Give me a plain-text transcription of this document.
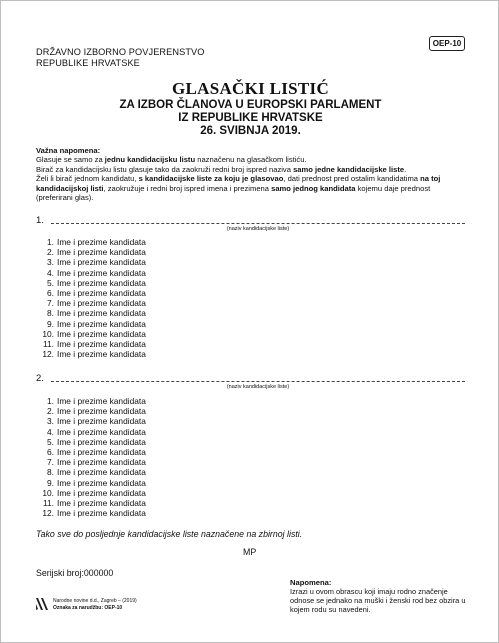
DRŽAVNO IZBORNO POVJERENSTVO
REPUBLIKE HRVATSKE
OEP-10
GLASAČKI LISTIĆ
ZA IZBOR ČLANOVA U EUROPSKI PARLAMENT
IZ REPUBLIKE HRVATSKE
26. SVIBNJA 2019.
Važna napomena:
Glasuje se samo za jednu kandidacijsku listu naznačenu na glasačkom listiću.
Birač za kandidacijsku listu glasuje tako da zaokruži redni broj ispred naziva samo jedne kandidacijske liste.
Želi li birač jednom kandidatu, s kandidacijske liste za koju je glasovao, dati prednost pred ostalim kandidatima na toj kandidacijskoj listi, zaokružuje i redni broj ispred imena i prezimena samo jednog kandidata kojemu daje prednost (preferirani glas).
1.
(naziv kandidacijske liste)
1. Ime i prezime kandidata
2. Ime i prezime kandidata
3. Ime i prezime kandidata
4. Ime i prezime kandidata
5. Ime i prezime kandidata
6. Ime i prezime kandidata
7. Ime i prezime kandidata
8. Ime i prezime kandidata
9. Ime i prezime kandidata
10. Ime i prezime kandidata
11. Ime i prezime kandidata
12. Ime i prezime kandidata
2.
(naziv kandidacijske liste)
1. Ime i prezime kandidata
2. Ime i prezime kandidata
3. Ime i prezime kandidata
4. Ime i prezime kandidata
5. Ime i prezime kandidata
6. Ime i prezime kandidata
7. Ime i prezime kandidata
8. Ime i prezime kandidata
9. Ime i prezime kandidata
10. Ime i prezime kandidata
11. Ime i prezime kandidata
12. Ime i prezime kandidata
Tako sve do posljednje kandidacijske liste naznačene na zbirnoj listi.
MP
Serijski broj:000000
Napomena:
Izrazi u ovom obrascu koji imaju rodno značenje odnose se jednako na muški i ženski rod bez obzira u kojem rodu su navedeni.
Narodne novine d.d., Zagreb – (2019)
Oznaka za narudžbu: OEP-10
